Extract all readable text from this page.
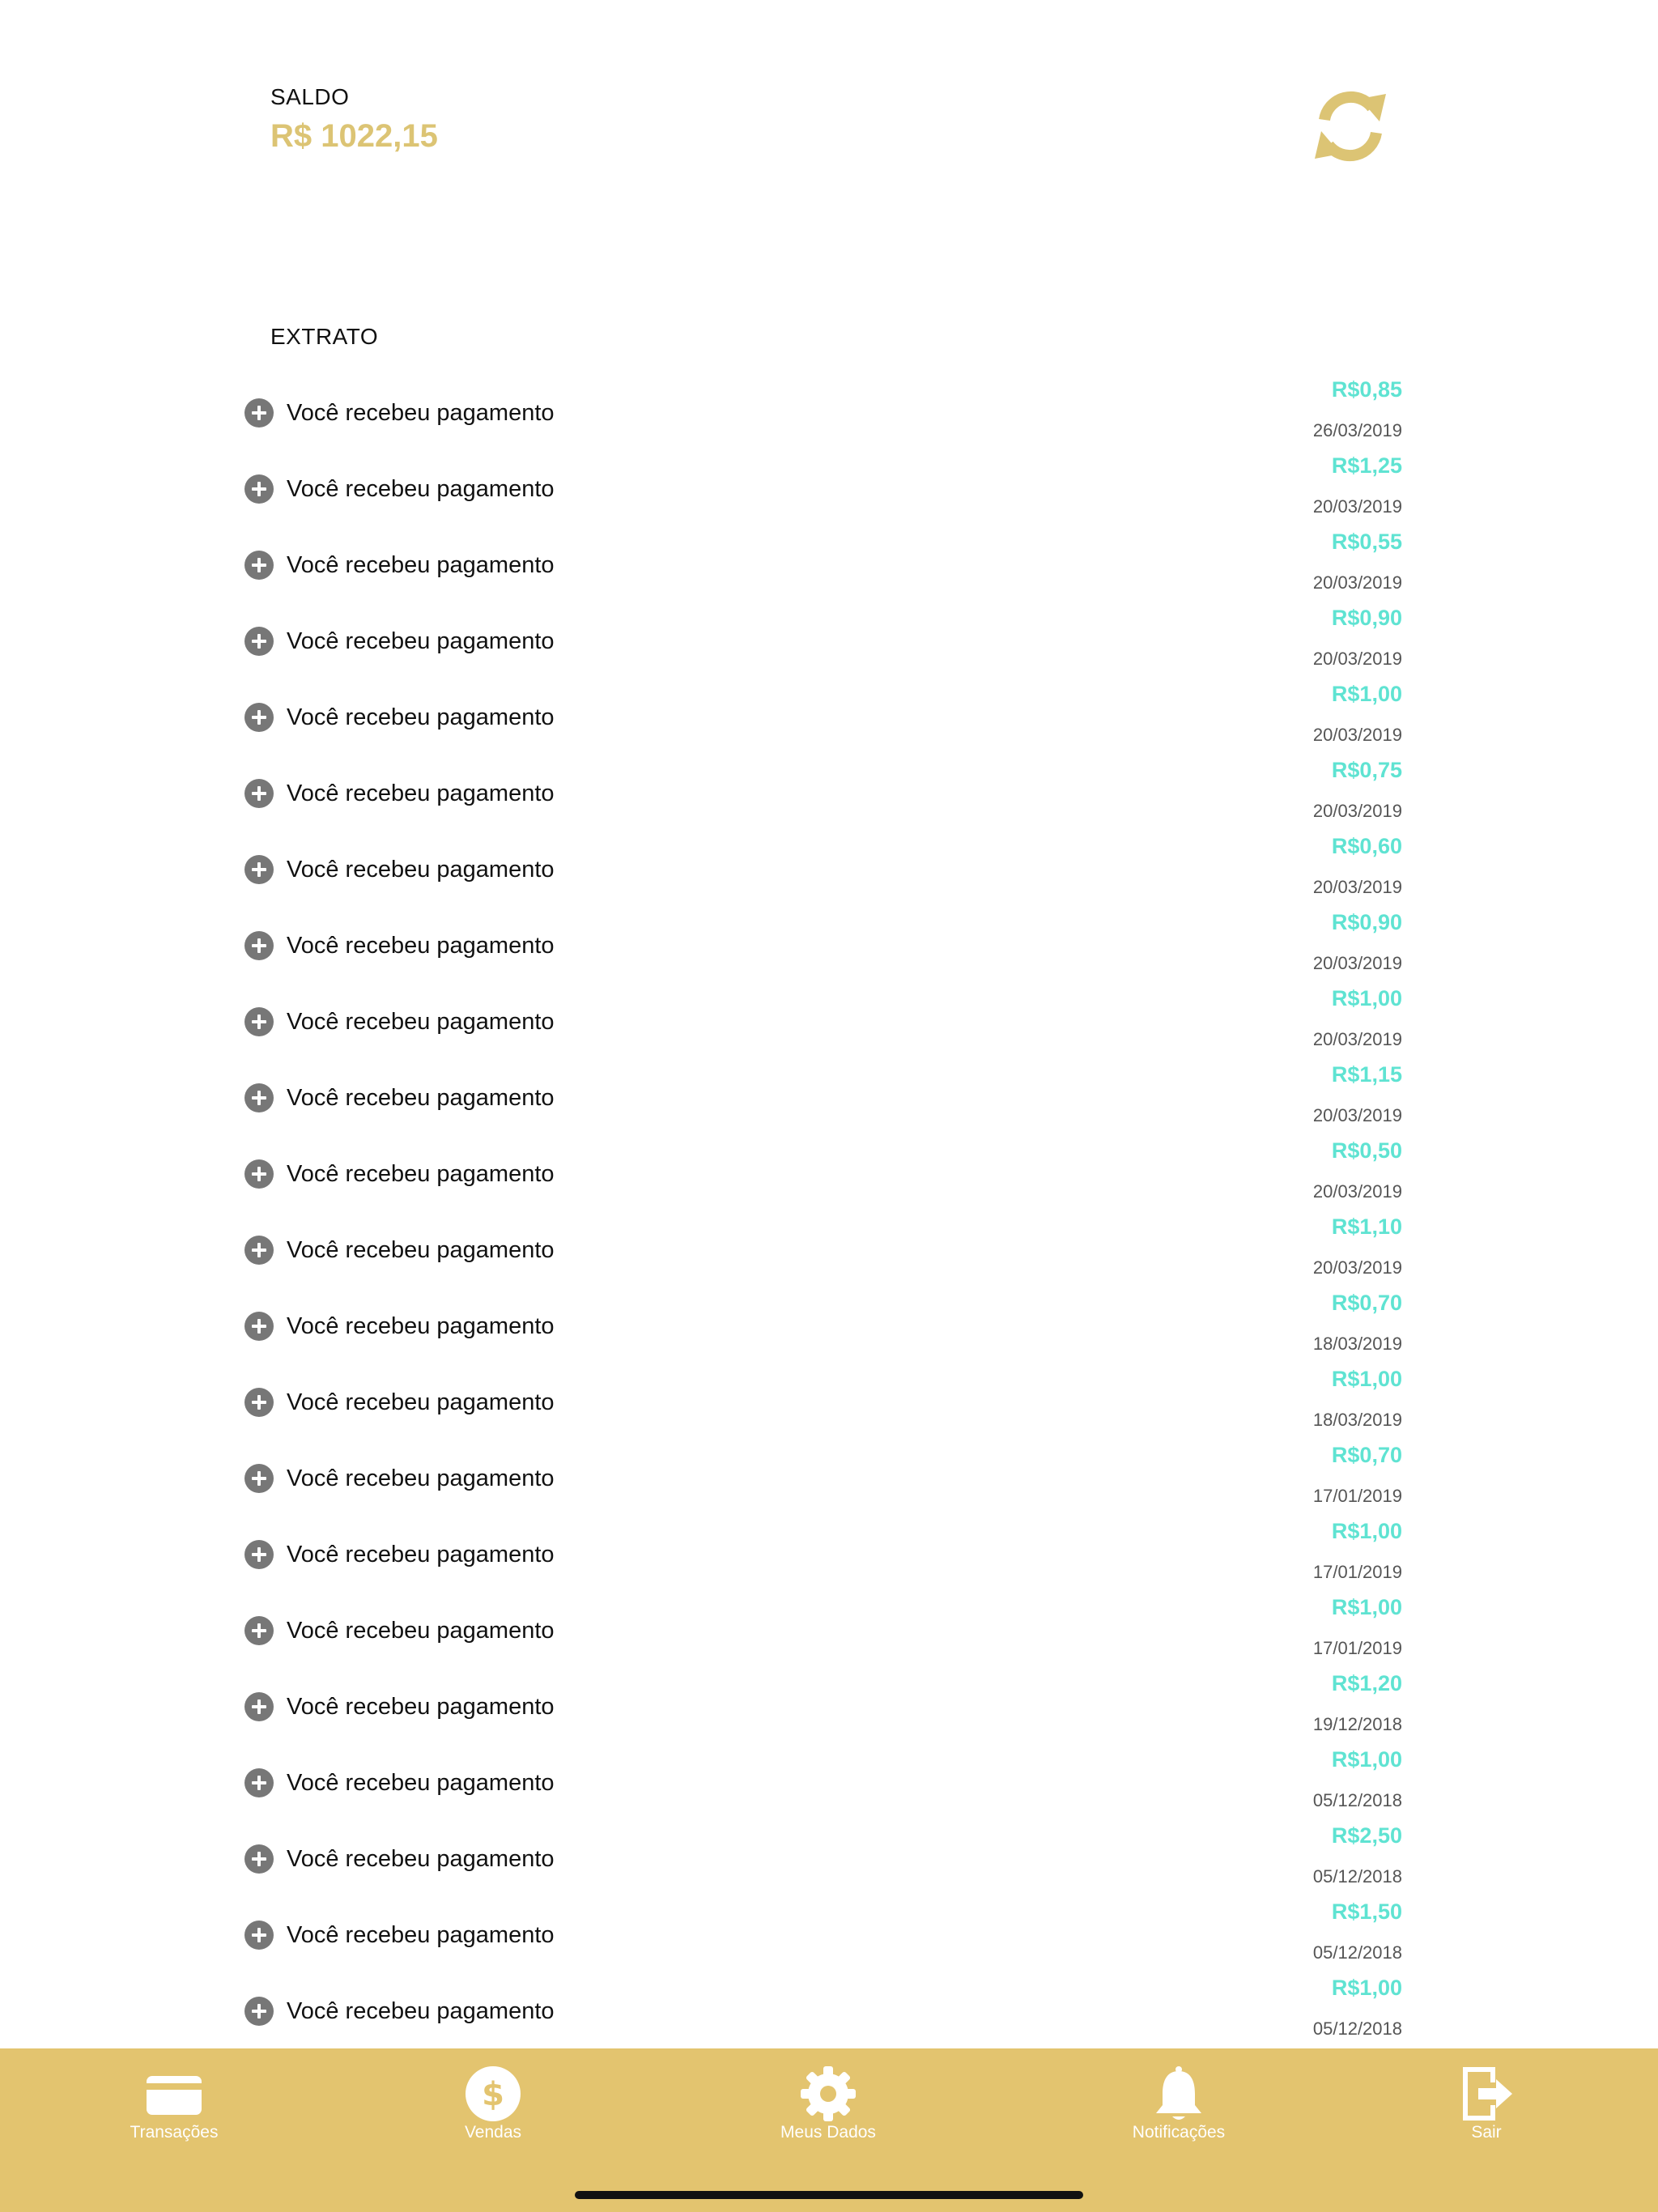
SALDO
R$ 1022,15
EXTRATO
Você recebeu pagamento
R$0,85
26/03/2019
Você recebeu pagamento
R$1,25
20/03/2019
Você recebeu pagamento
R$0,55
20/03/2019
Você recebeu pagamento
R$0,90
20/03/2019
Você recebeu pagamento
R$1,00
20/03/2019
Você recebeu pagamento
R$0,75
20/03/2019
Você recebeu pagamento
R$0,60
20/03/2019
Você recebeu pagamento
R$0,90
20/03/2019
Você recebeu pagamento
R$1,00
20/03/2019
Você recebeu pagamento
R$1,15
20/03/2019
Você recebeu pagamento
R$0,50
20/03/2019
Você recebeu pagamento
R$1,10
20/03/2019
Você recebeu pagamento
R$0,70
18/03/2019
Você recebeu pagamento
R$1,00
18/03/2019
Você recebeu pagamento
R$0,70
17/01/2019
Você recebeu pagamento
R$1,00
17/01/2019
Você recebeu pagamento
R$1,00
17/01/2019
Você recebeu pagamento
R$1,20
19/12/2018
Você recebeu pagamento
R$1,00
05/12/2018
Você recebeu pagamento
R$2,50
05/12/2018
Você recebeu pagamento
R$1,50
05/12/2018
Você recebeu pagamento
R$1,00
05/12/2018
Transações
$
Vendas	Meus Dados	Notificações	Sair
